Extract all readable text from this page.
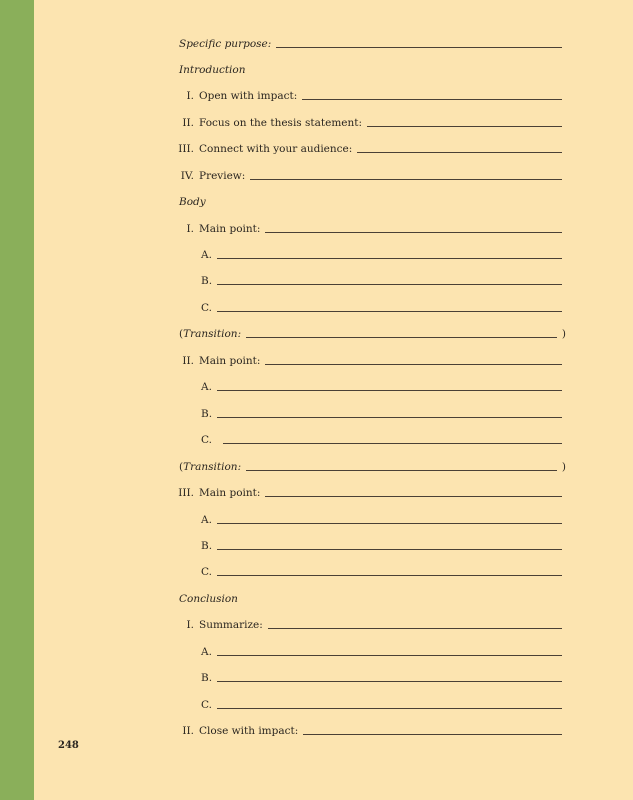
Specific purpose:
Introduction
I. Open with impact:
II. Focus on the thesis statement:
III. Connect with your audience:
IV. Preview:
Body
I. Main point:
A.
B.
C.
( Transition:	)
II. Main point:
A.
B.
C.
( Transition:	)
III. Main point:
A.
B.
C.
Conclusion
I. Summarize:
A.
B.
C.
II. Close with impact:
248
